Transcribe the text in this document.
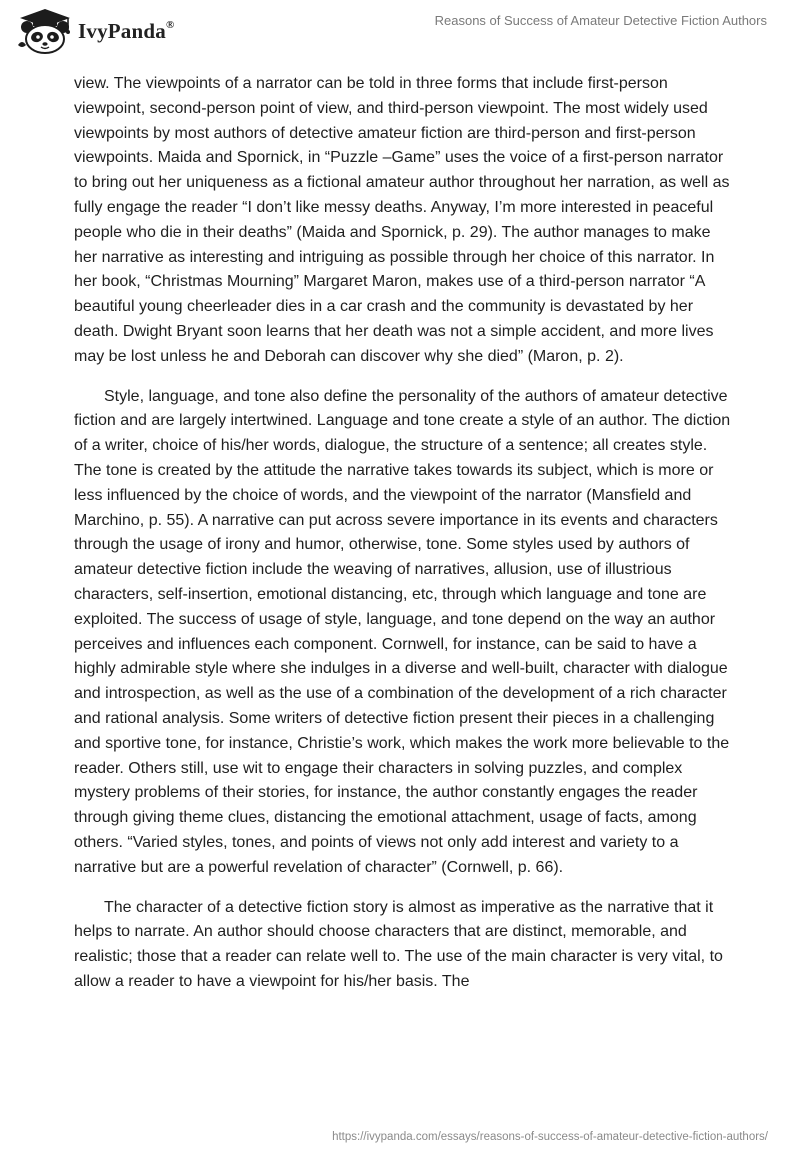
IvyPanda®	Reasons of Success of Amateur Detective Fiction Authors

view. The viewpoints of a narrator can be told in three forms that include first-person viewpoint, second-person point of view, and third-person viewpoint. The most widely used viewpoints by most authors of detective amateur fiction are third-person and first-person viewpoints. Maida and Spornick, in “Puzzle –Game” uses the voice of a first-person narrator to bring out her uniqueness as a fictional amateur author throughout her narration, as well as fully engage the reader “I don’t like messy deaths. Anyway, I’m more interested in peaceful people who die in their deaths” (Maida and Spornick, p. 29). The author manages to make her narrative as interesting and intriguing as possible through her choice of this narrator. In her book, “Christmas Mourning” Margaret Maron, makes use of a third-person narrator “A beautiful young cheerleader dies in a car crash and the community is devastated by her death. Dwight Bryant soon learns that her death was not a simple accident, and more lives may be lost unless he and Deborah can discover why she died” (Maron, p. 2).

Style, language, and tone also define the personality of the authors of amateur detective fiction and are largely intertwined. Language and tone create a style of an author. The diction of a writer, choice of his/her words, dialogue, the structure of a sentence; all creates style. The tone is created by the attitude the narrative takes towards its subject, which is more or less influenced by the choice of words, and the viewpoint of the narrator (Mansfield and Marchino, p. 55). A narrative can put across severe importance in its events and characters through the usage of irony and humor, otherwise, tone. Some styles used by authors of amateur detective fiction include the weaving of narratives, allusion, use of illustrious characters, self-insertion, emotional distancing, etc, through which language and tone are exploited. The success of usage of style, language, and tone depend on the way an author perceives and influences each component. Cornwell, for instance, can be said to have a highly admirable style where she indulges in a diverse and well-built, character with dialogue and introspection, as well as the use of a combination of the development of a rich character and rational analysis. Some writers of detective fiction present their pieces in a challenging and sportive tone, for instance, Christie’s work, which makes the work more believable to the reader. Others still, use wit to engage their characters in solving puzzles, and complex mystery problems of their stories, for instance, the author constantly engages the reader through giving theme clues, distancing the emotional attachment, usage of facts, among others. “Varied styles, tones, and points of views not only add interest and variety to a narrative but are a powerful revelation of character” (Cornwell, p. 66).

The character of a detective fiction story is almost as imperative as the narrative that it helps to narrate. An author should choose characters that are distinct, memorable, and realistic; those that a reader can relate well to. The use of the main character is very vital, to allow a reader to have a viewpoint for his/her basis. The

https://ivypanda.com/essays/reasons-of-success-of-amateur-detective-fiction-authors/
